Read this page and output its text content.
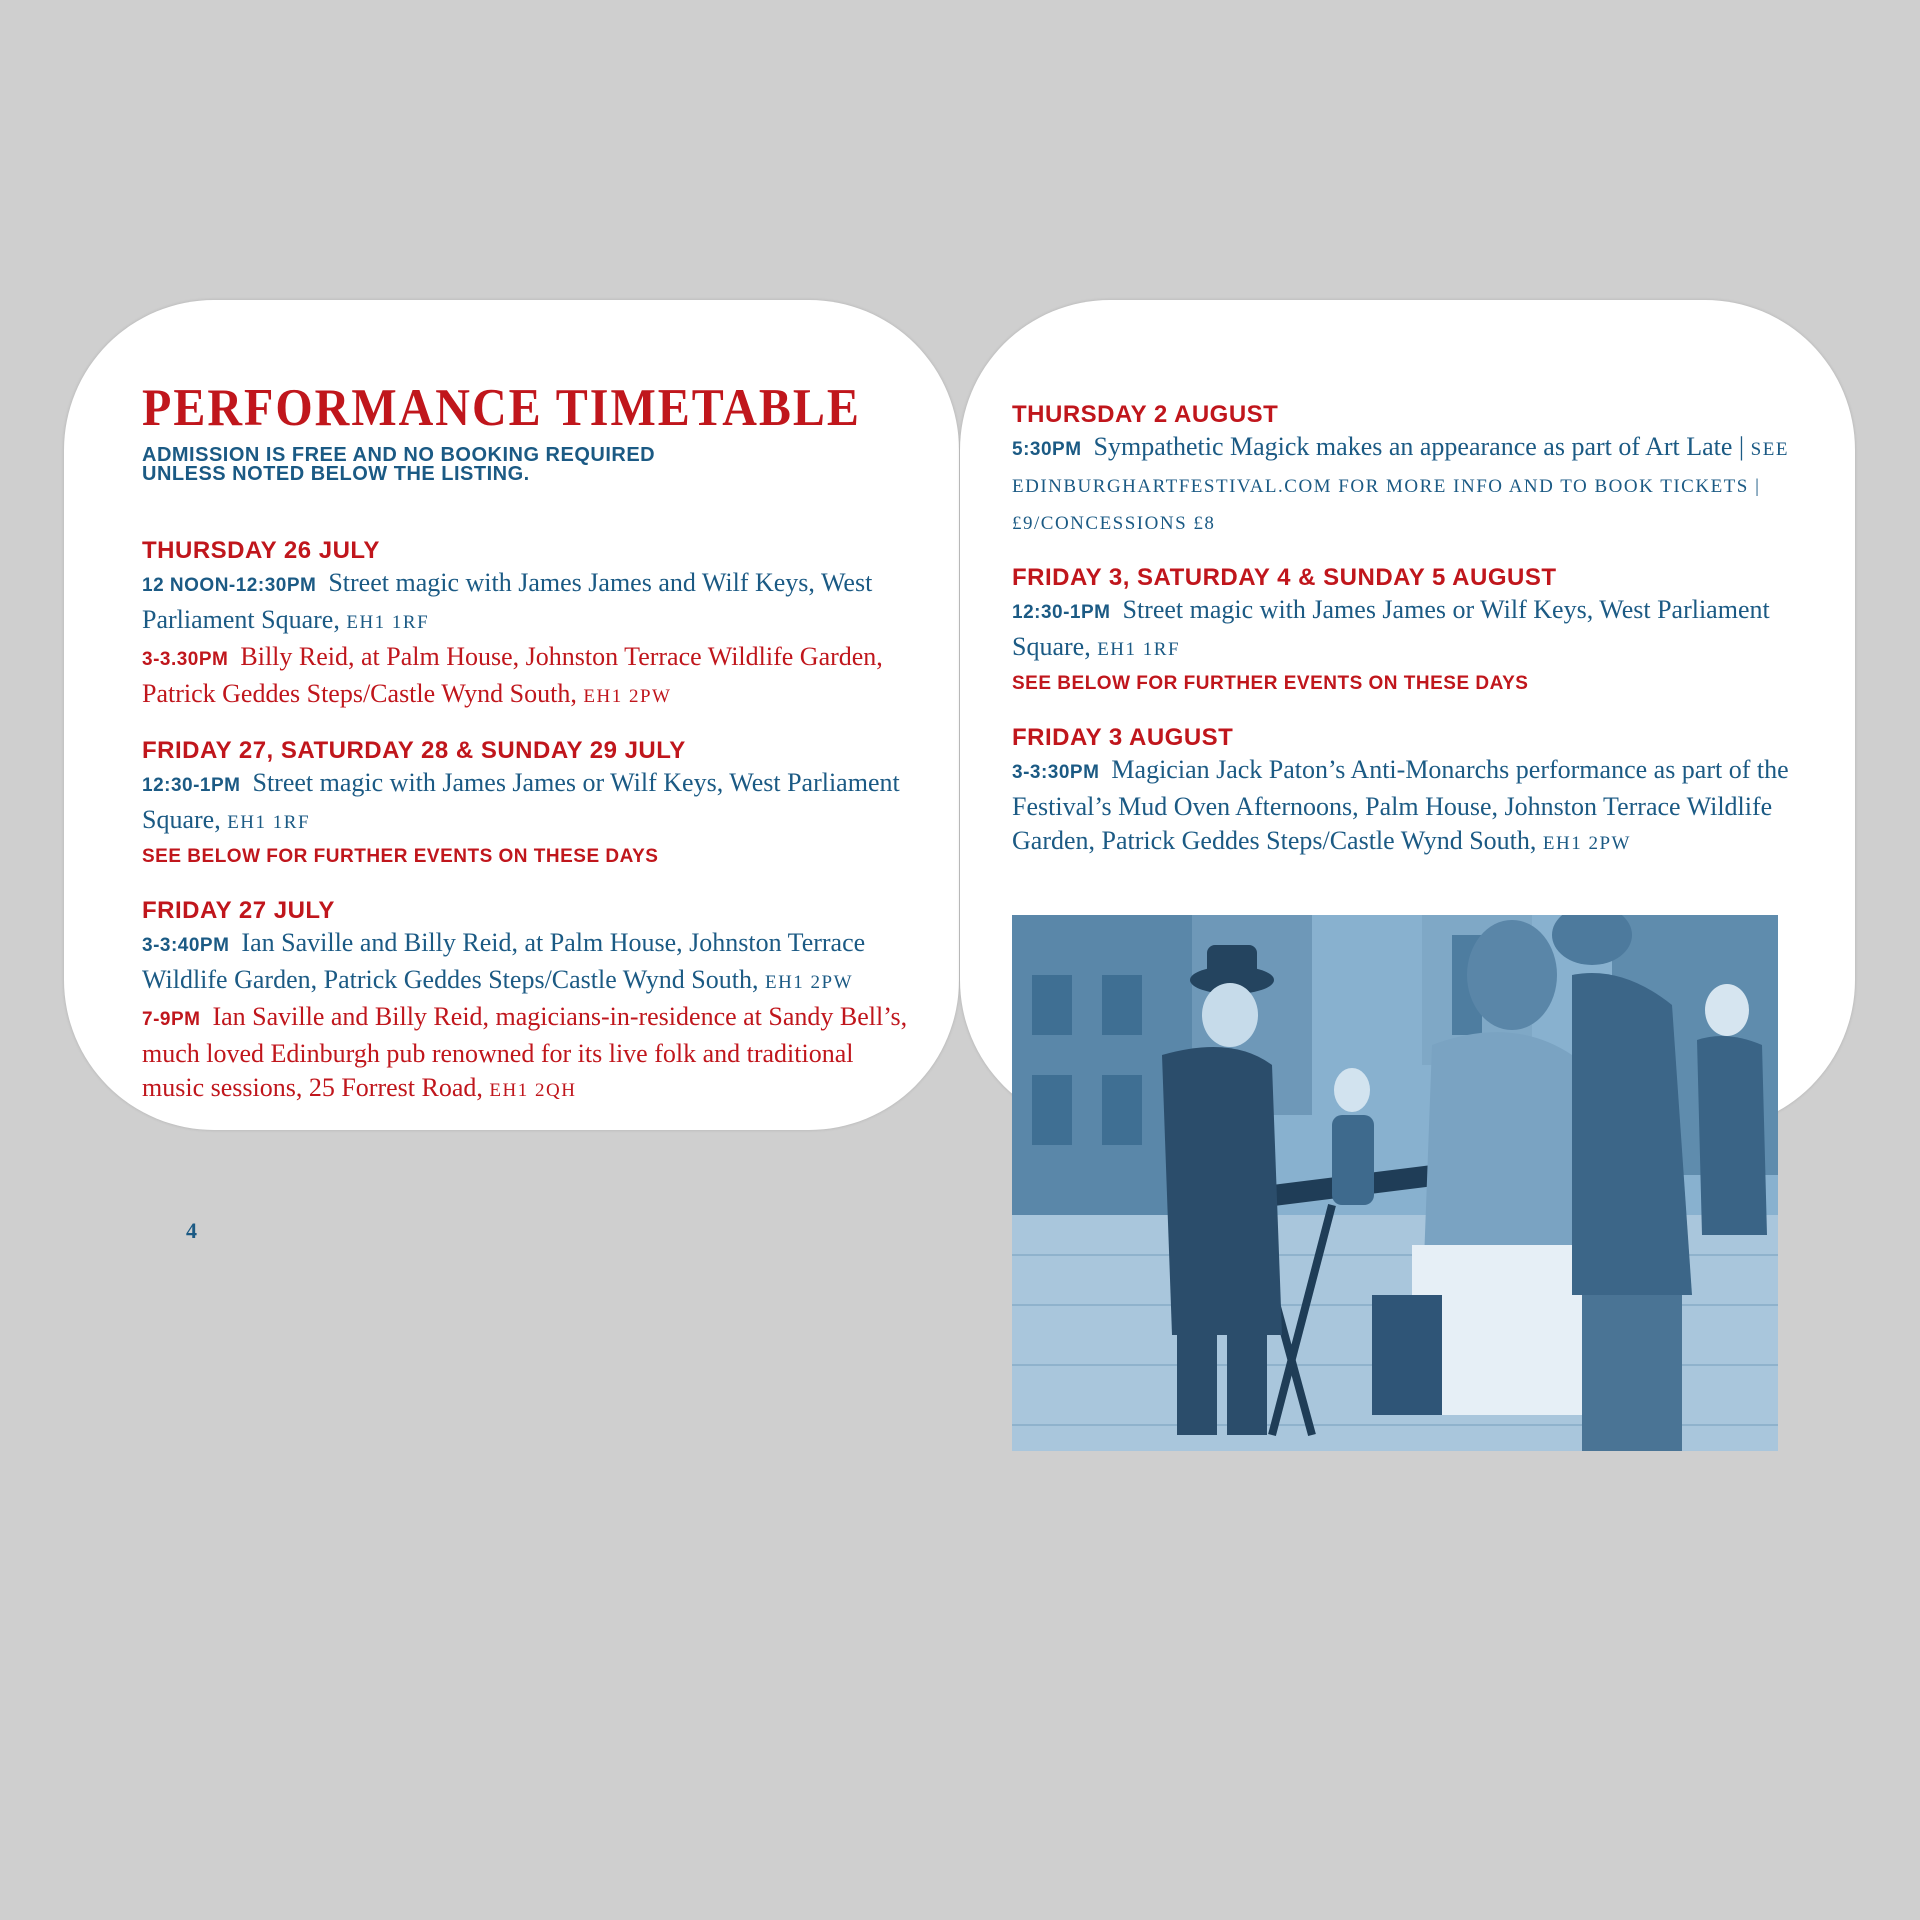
PERFORMANCE TIMETABLE
ADMISSION IS FREE AND NO BOOKING REQUIRED
UNLESS NOTED BELOW THE LISTING.
THURSDAY 26 JULY
12 NOON-12:30PM Street magic with James James and Wilf Keys, West Parliament Square, EH1 1RF
3-3.30PM Billy Reid, at Palm House, Johnston Terrace Wildlife Garden, Patrick Geddes Steps/Castle Wynd South, EH1 2PW
FRIDAY 27, SATURDAY 28 & SUNDAY 29 JULY
12:30-1PM Street magic with James James or Wilf Keys, West Parliament Square, EH1 1RF
SEE BELOW FOR FURTHER EVENTS ON THESE DAYS
FRIDAY 27 JULY
3-3:40PM Ian Saville and Billy Reid, at Palm House, Johnston Terrace Wildlife Garden, Patrick Geddes Steps/Castle Wynd South, EH1 2PW
7-9PM Ian Saville and Billy Reid, magicians-in-residence at Sandy Bell’s, much loved Edinburgh pub renowned for its live folk and traditional music sessions, 25 Forrest Road, EH1 2QH
4
THURSDAY 2 AUGUST
5:30PM Sympathetic Magick makes an appearance as part of Art Late | SEE EDINBURGHARTFESTIVAL.COM FOR MORE INFO AND TO BOOK TICKETS | £9/CONCESSIONS £8
FRIDAY 3, SATURDAY 4 & SUNDAY 5 AUGUST
12:30-1PM Street magic with James James or Wilf Keys, West Parliament Square, EH1 1RF
SEE BELOW FOR FURTHER EVENTS ON THESE DAYS
FRIDAY 3 AUGUST
3-3:30PM Magician Jack Paton’s Anti-Monarchs performance as part of the Festival’s Mud Oven Afternoons, Palm House, Johnston Terrace Wildlife Garden, Patrick Geddes Steps/Castle Wynd South, EH1 2PW
